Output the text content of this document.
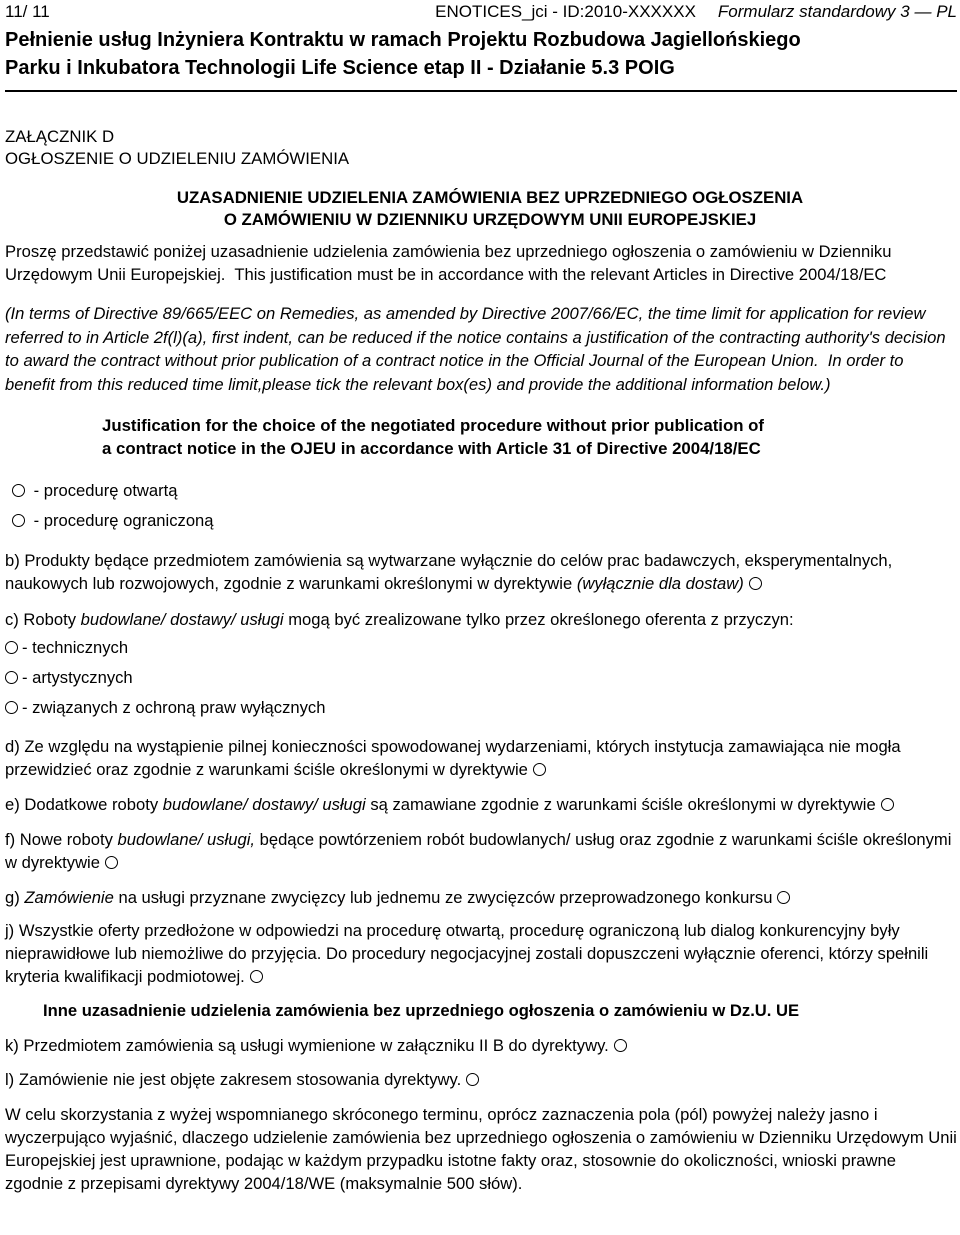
11/ 11	ENOTICES_jci - ID:2010-XXXXXX Formularz standardowy 3 — PL
Pełnienie usług Inżyniera Kontraktu w ramach Projektu Rozbudowa Jagiellońskiego
Parku i Inkubatora Technologii Life Science etap II - Działanie 5.3 POIG
ZAŁĄCZNIK D
OGŁOSZENIE O UDZIELENIU ZAMÓWIENIA
UZASADNIENIE UDZIELENIA ZAMÓWIENIA BEZ UPRZEDNIEGO OGŁOSZENIA
O ZAMÓWIENIU W DZIENNIKU URZĘDOWYM UNII EUROPEJSKIEJ

Proszę przedstawić poniżej uzasadnienie udzielenia zamówienia bez uprzedniego ogłoszenia o zamówieniu w Dzienniku Urzędowym Unii Europejskiej. This justification must be in accordance with the relevant Articles in Directive 2004/18/EC

(In terms of Directive 89/665/EEC on Remedies, as amended by Directive 2007/66/EC, the time limit for application for review referred to in Article 2f(l)(a), first indent, can be reduced if the notice contains a justification of the contracting authority's decision to award the contract without prior publication of a contract notice in the Official Journal of the European Union. In order to benefit from this reduced time limit,please tick the relevant box(es) and provide the additional information below.)

Justification for the choice of the negotiated procedure without prior publication of
a contract notice in the OJEU in accordance with Article 31 of Directive 2004/18/EC
- procedurę otwartą
- procedurę ograniczoną

b) Produkty będące przedmiotem zamówienia są wytwarzane wyłącznie do celów prac badawczych, eksperymentalnych, naukowych lub rozwojowych, zgodnie z warunkami określonymi w dyrektywie (wyłącznie dla dostaw)

c) Roboty budowlane/ dostawy/ usługi mogą być zrealizowane tylko przez określonego oferenta z przyczyn:

- technicznych
- artystycznych
- związanych z ochroną praw wyłącznych

d) Ze względu na wystąpienie pilnej konieczności spowodowanej wydarzeniami, których instytucja zamawiająca nie mogła przewidzieć oraz zgodnie z warunkami ściśle określonymi w dyrektywie

e) Dodatkowe roboty budowlane/ dostawy/ usługi są zamawiane zgodnie z warunkami ściśle określonymi w dyrektywie

f) Nowe roboty budowlane/ usługi, będące powtórzeniem robót budowlanych/ usług oraz zgodnie z warunkami ściśle określonymi w dyrektywie

g) Zamówienie na usługi przyznane zwycięzcy lub jednemu ze zwycięzców przeprowadzonego konkursu

j) Wszystkie oferty przedłożone w odpowiedzi na procedurę otwartą, procedurę ograniczoną lub dialog konkurencyjny były nieprawidłowe lub niemożliwe do przyjęcia. Do procedury negocjacyjnej zostali dopuszczeni wyłącznie oferenci, którzy spełnili kryteria kwalifikacji podmiotowej.

Inne uzasadnienie udzielenia zamówienia bez uprzedniego ogłoszenia o zamówieniu w Dz.U. UE

k) Przedmiotem zamówienia są usługi wymienione w załączniku II B do dyrektywy.

l) Zamówienie nie jest objęte zakresem stosowania dyrektywy.

W celu skorzystania z wyżej wspomnianego skróconego terminu, oprócz zaznaczenia pola (pól) powyżej należy jasno i wyczerpująco wyjaśnić, dlaczego udzielenie zamówienia bez uprzedniego ogłoszenia o zamówieniu w Dzienniku Urzędowym Unii Europejskiej jest uprawnione, podając w każdym przypadku istotne fakty oraz, stosownie do okoliczności, wnioski prawne zgodnie z przepisami dyrektywy 2004/18/WE (maksymalnie 500 słów).
